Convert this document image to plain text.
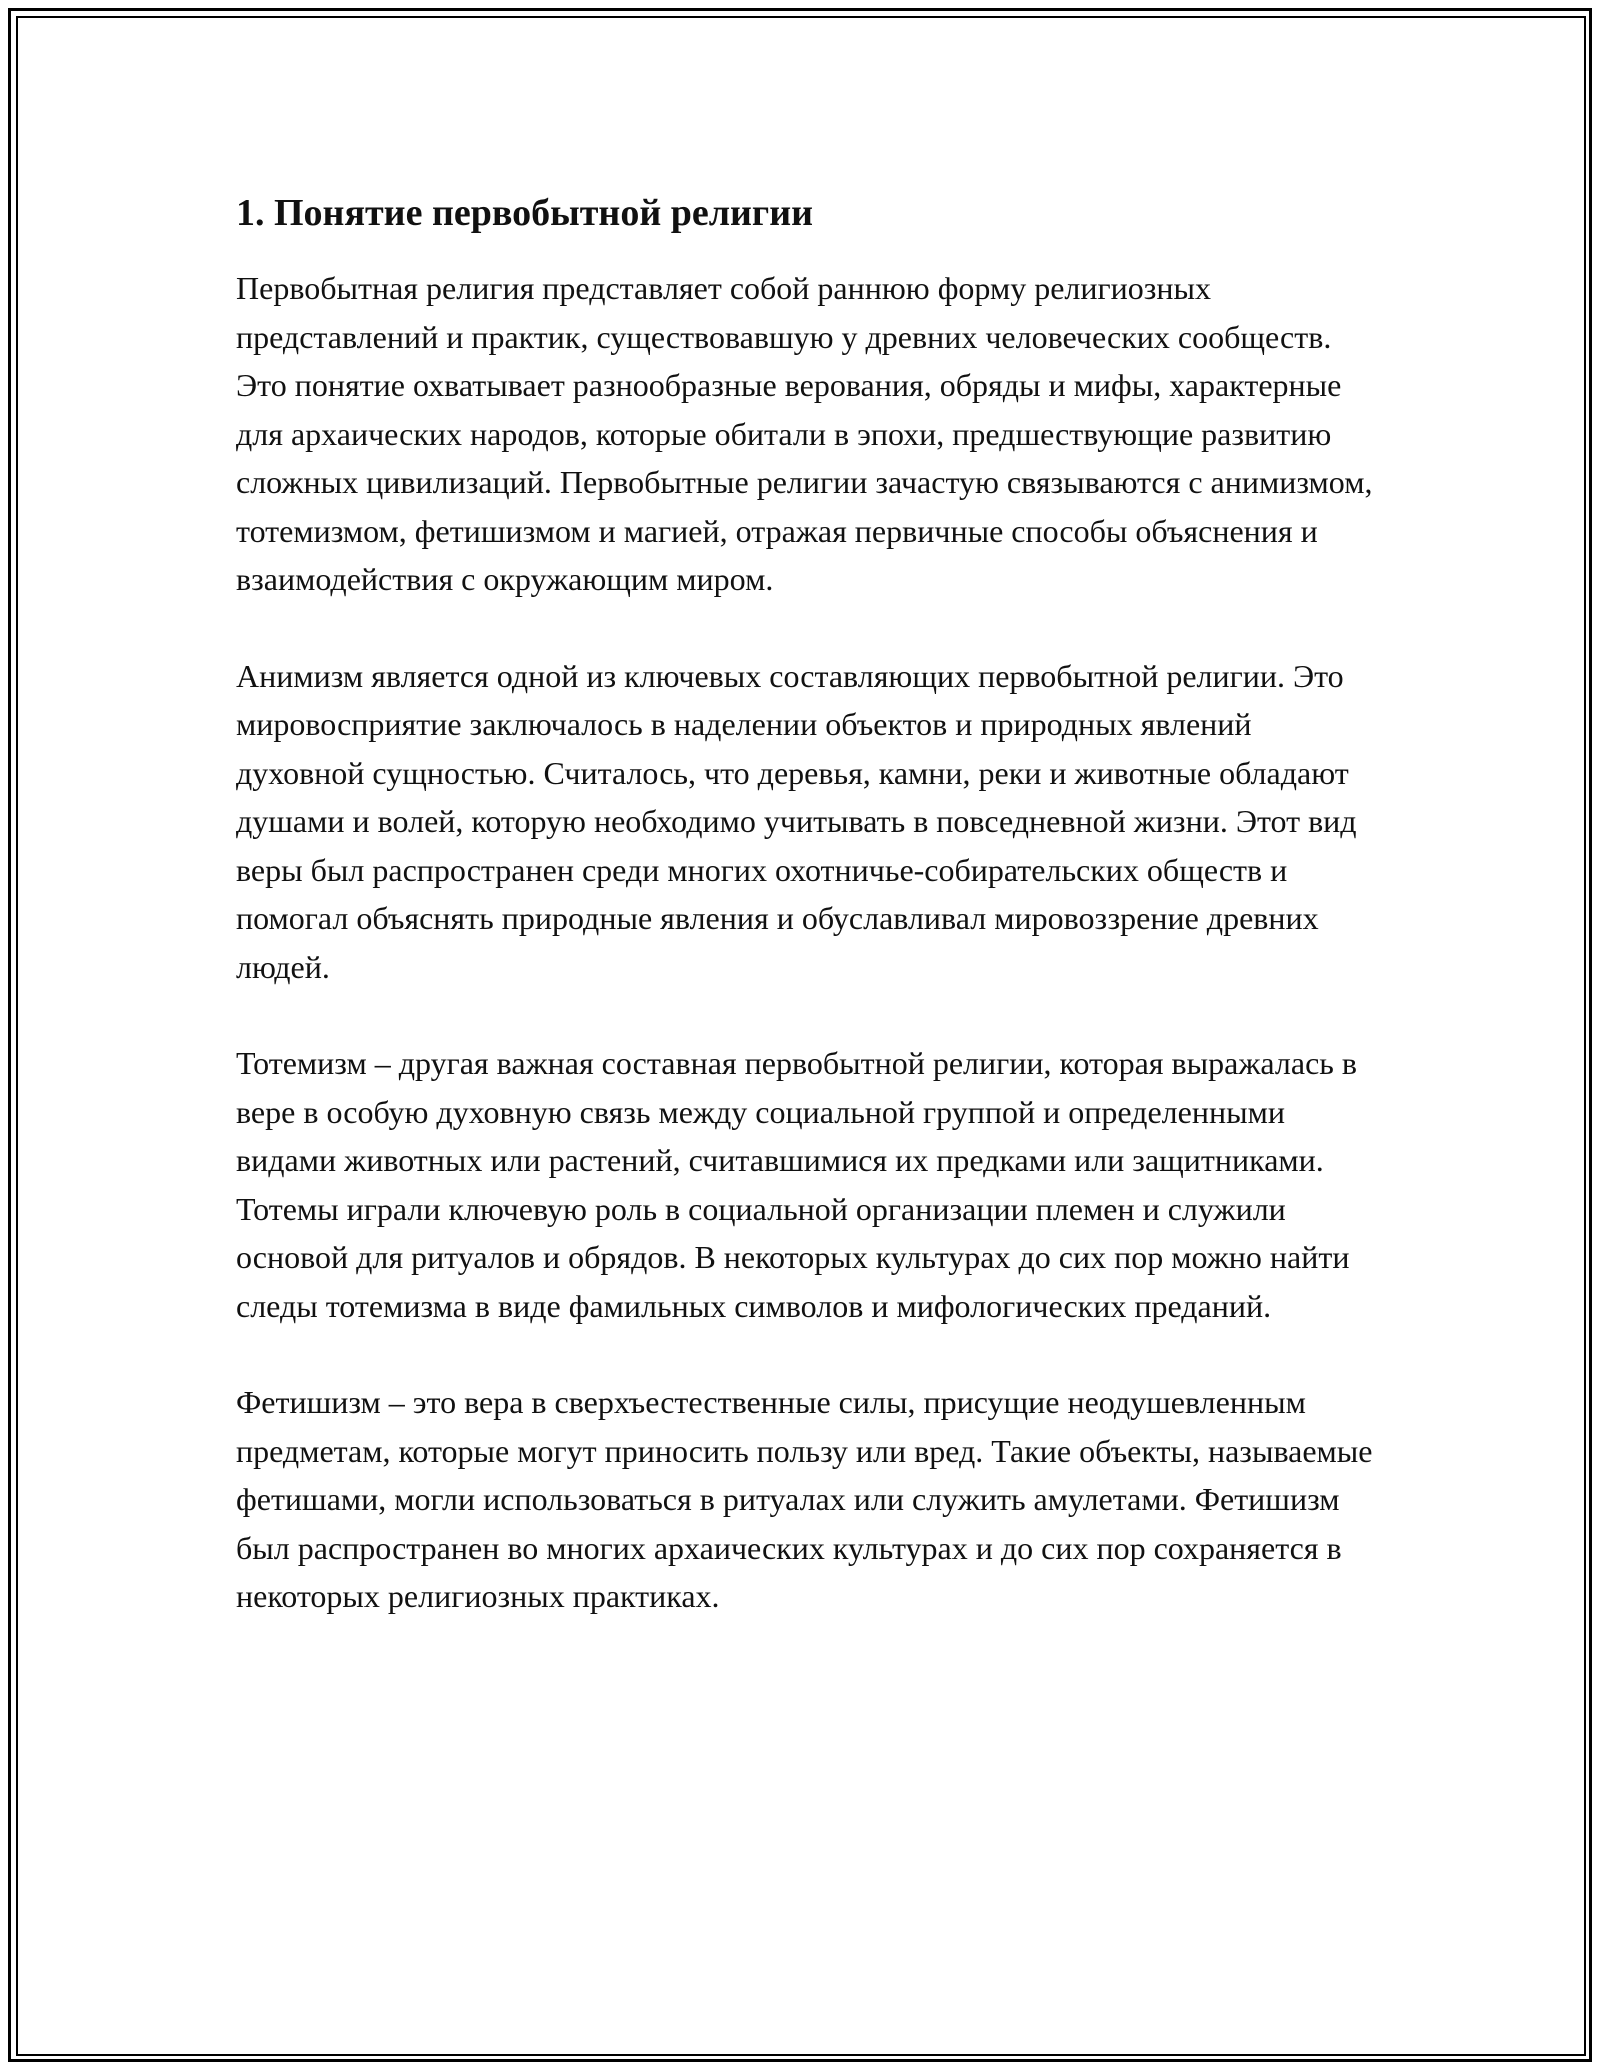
1. Понятие первобытной религии

Первобытная религия представляет собой раннюю форму религиозных представлений и практик, существовавшую у древних человеческих сообществ. Это понятие охватывает разнообразные верования, обряды и мифы, характерные для архаических народов, которые обитали в эпохи, предшествующие развитию сложных цивилизаций. Первобытные религии зачастую связываются с анимизмом, тотемизмом, фетишизмом и магией, отражая первичные способы объяснения и взаимодействия с окружающим миром.

Анимизм является одной из ключевых составляющих первобытной религии. Это мировосприятие заключалось в наделении объектов и природных явлений духовной сущностью. Считалось, что деревья, камни, реки и животные обладают душами и волей, которую необходимо учитывать в повседневной жизни. Этот вид веры был распространен среди многих охотничье-собирательских обществ и помогал объяснять природные явления и обуславливал мировоззрение древних людей.

Тотемизм – другая важная составная первобытной религии, которая выражалась в вере в особую духовную связь между социальной группой и определенными видами животных или растений, считавшимися их предками или защитниками. Тотемы играли ключевую роль в социальной организации племен и служили основой для ритуалов и обрядов. В некоторых культурах до сих пор можно найти следы тотемизма в виде фамильных символов и мифологических преданий.

Фетишизм – это вера в сверхъестественные силы, присущие неодушевленным предметам, которые могут приносить пользу или вред. Такие объекты, называемые фетишами, могли использоваться в ритуалах или служить амулетами. Фетишизм был распространен во многих архаических культурах и до сих пор сохраняется в некоторых религиозных практиках.
